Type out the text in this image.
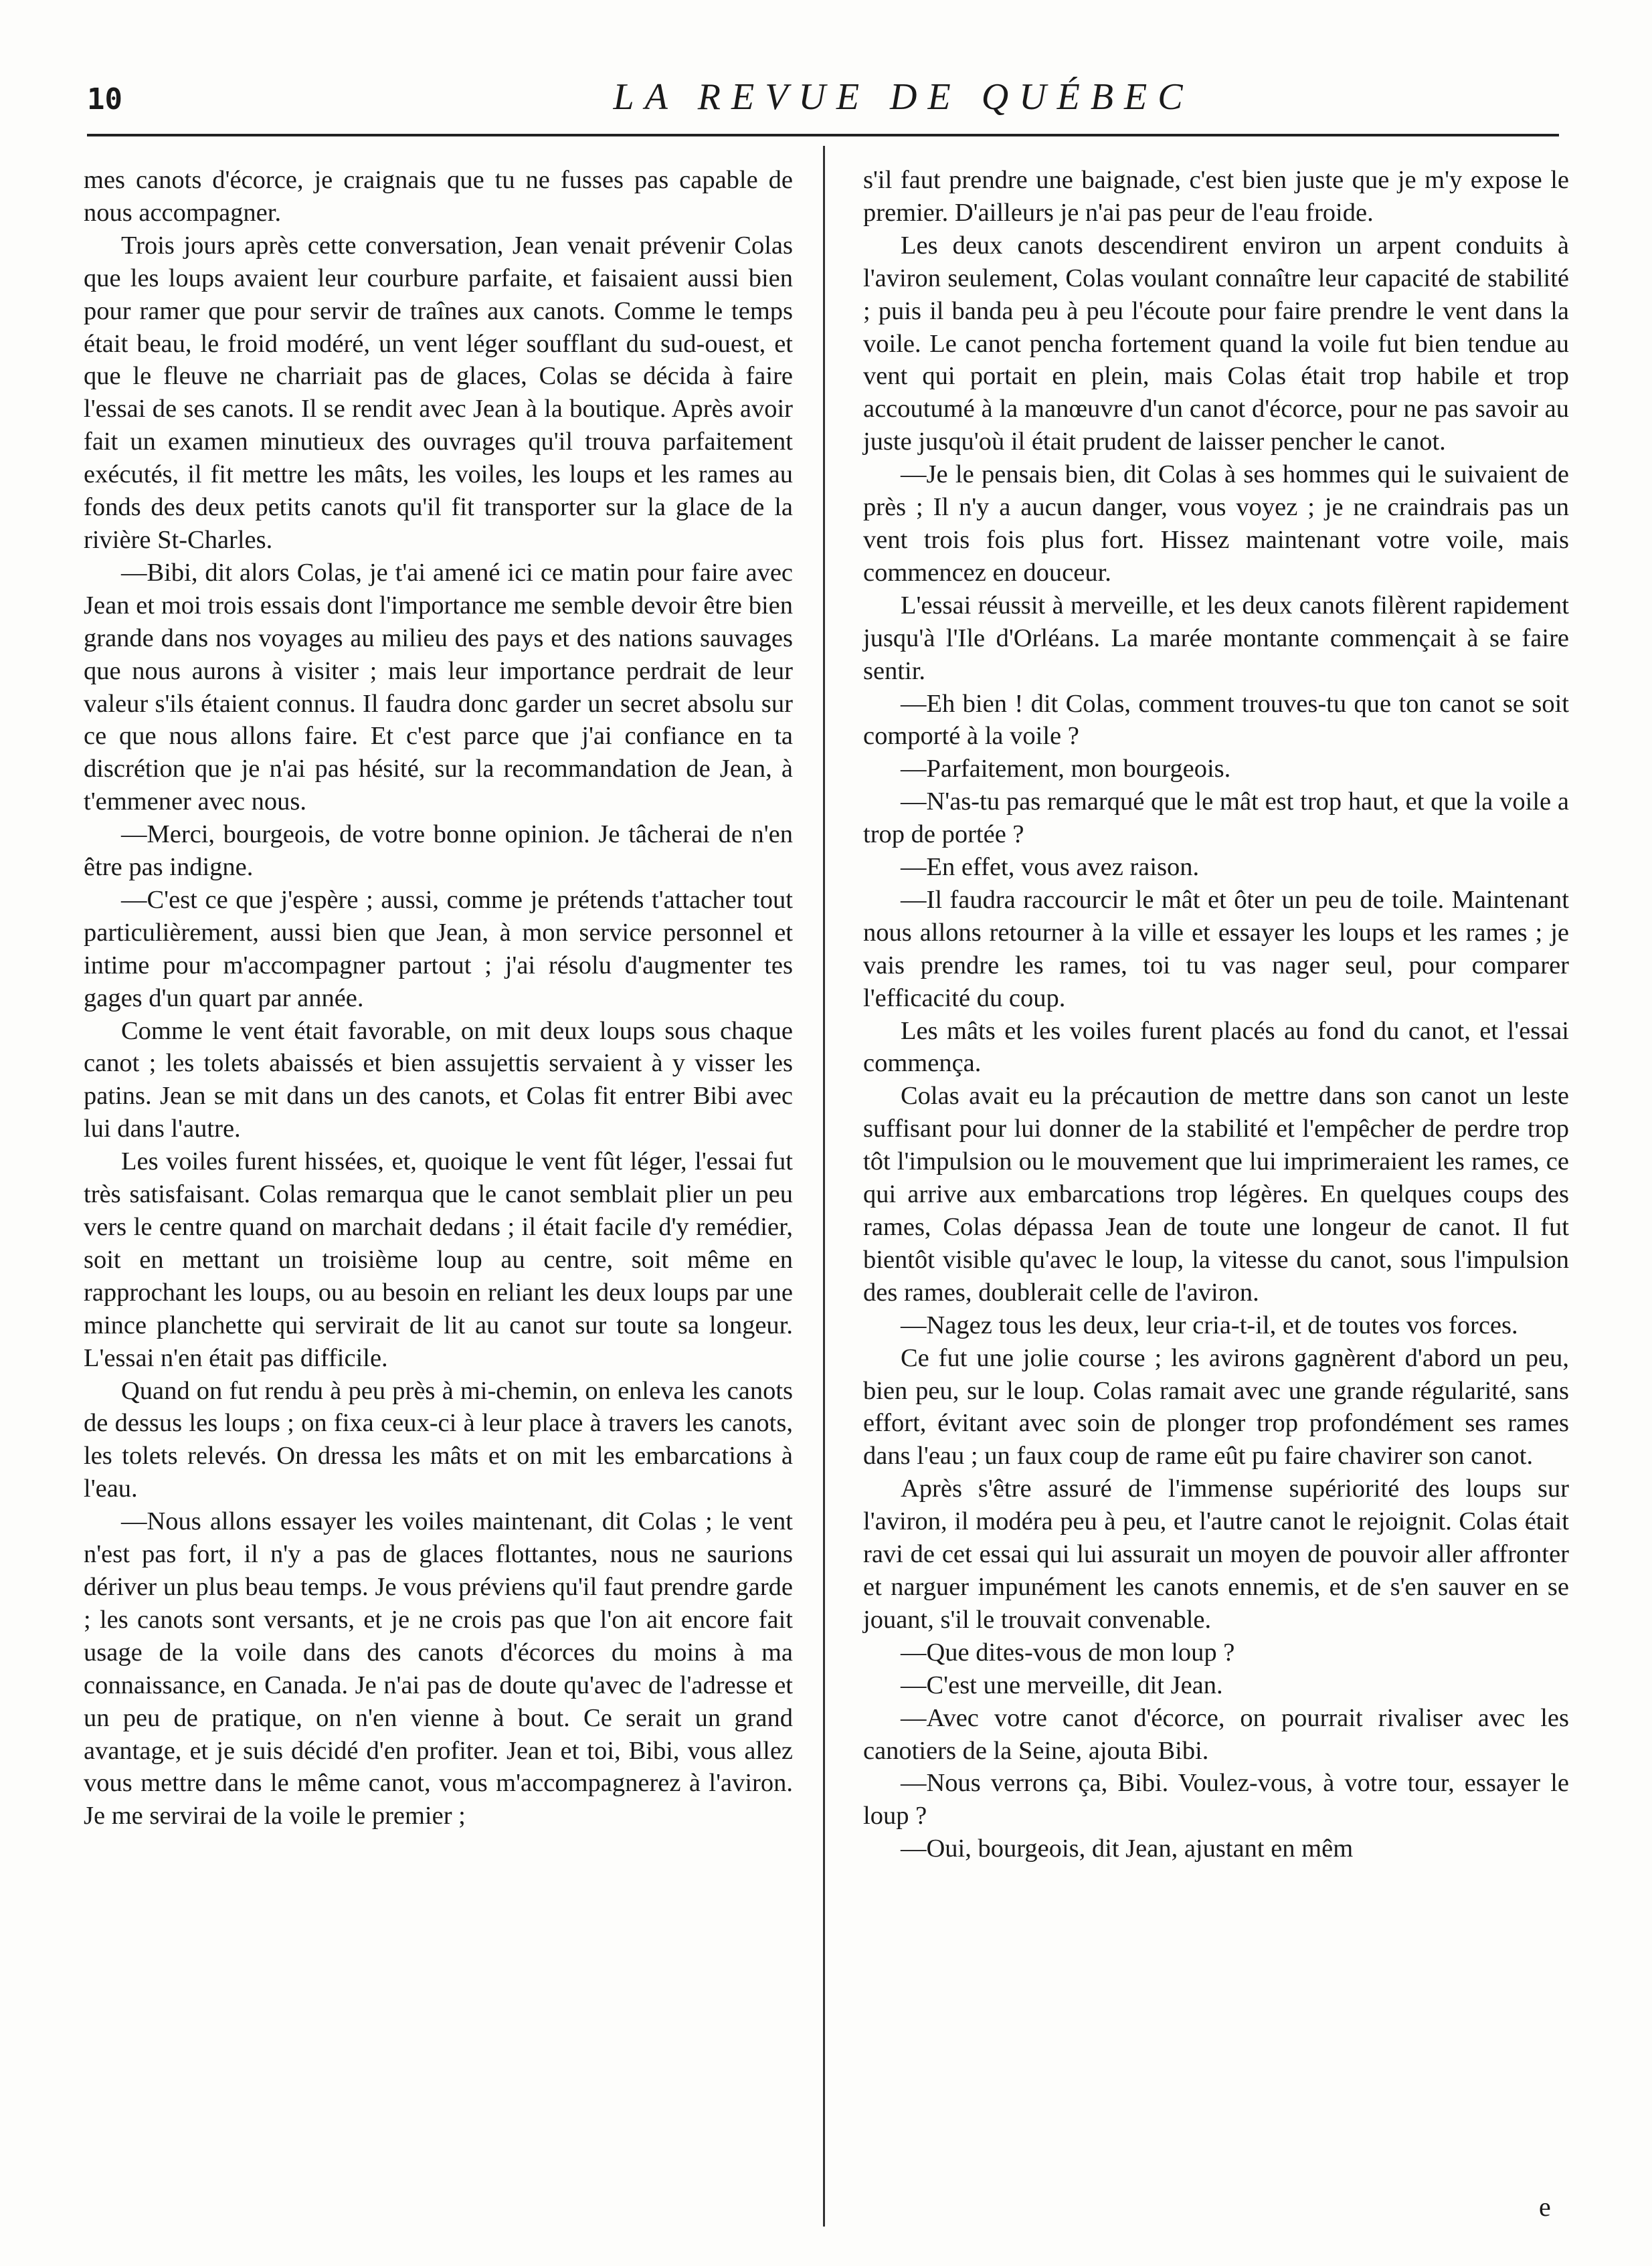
10	LA REVUE DE QUÉBEC

mes canots d'écorce, je craignais que tu ne fusses pas capable de nous accompagner.

Trois jours après cette conversation, Jean venait prévenir Colas que les loups avaient leur courbure parfaite, et faisaient aussi bien pour ramer que pour servir de traînes aux canots. Comme le temps était beau, le froid modéré, un vent léger soufflant du sud-ouest, et que le fleuve ne charriait pas de glaces, Colas se décida à faire l'essai de ses canots. Il se rendit avec Jean à la boutique. Après avoir fait un examen minutieux des ouvrages qu'il trouva parfaitement exécutés, il fit mettre les mâts, les voiles, les loups et les rames au fonds des deux petits canots qu'il fit transporter sur la glace de la rivière St-Charles.

—Bibi, dit alors Colas, je t'ai amené ici ce matin pour faire avec Jean et moi trois essais dont l'importance me semble devoir être bien grande dans nos voyages au milieu des pays et des nations sauvages que nous aurons à visiter ; mais leur importance perdrait de leur valeur s'ils étaient connus. Il faudra donc garder un secret absolu sur ce que nous allons faire. Et c'est parce que j'ai confiance en ta discrétion que je n'ai pas hésité, sur la recommandation de Jean, à t'emmener avec nous.

—Merci, bourgeois, de votre bonne opinion. Je tâcherai de n'en être pas indigne.

—C'est ce que j'espère ; aussi, comme je prétends t'attacher tout particulièrement, aussi bien que Jean, à mon service personnel et intime pour m'accompagner partout ; j'ai résolu d'augmenter tes gages d'un quart par année.

Comme le vent était favorable, on mit deux loups sous chaque canot ; les tolets abaissés et bien assujettis servaient à y visser les patins. Jean se mit dans un des canots, et Colas fit entrer Bibi avec lui dans l'autre.

Les voiles furent hissées, et, quoique le vent fût léger, l'essai fut très satisfaisant. Colas remarqua que le canot semblait plier un peu vers le centre quand on marchait dedans ; il était facile d'y remédier, soit en mettant un troisième loup au centre, soit même en rapprochant les loups, ou au besoin en reliant les deux loups par une mince planchette qui servirait de lit au canot sur toute sa longeur. L'essai n'en était pas difficile.

Quand on fut rendu à peu près à mi-chemin, on enleva les canots de dessus les loups ; on fixa ceux-ci à leur place à travers les canots, les tolets relevés. On dressa les mâts et on mit les embarcations à l'eau.

—Nous allons essayer les voiles maintenant, dit Colas ; le vent n'est pas fort, il n'y a pas de glaces flottantes, nous ne saurions dériver un plus beau temps. Je vous préviens qu'il faut prendre garde ; les canots sont versants, et je ne crois pas que l'on ait encore fait usage de la voile dans des canots d'écorces du moins à ma connaissance, en Canada. Je n'ai pas de doute qu'avec de l'adresse et un peu de pratique, on n'en vienne à bout. Ce serait un grand avantage, et je suis décidé d'en profiter. Jean et toi, Bibi, vous allez vous mettre dans le même canot, vous m'accompagnerez à l'aviron. Je me servirai de la voile le premier ;

s'il faut prendre une baignade, c'est bien juste que je m'y expose le premier. D'ailleurs je n'ai pas peur de l'eau froide.

Les deux canots descendirent environ un arpent conduits à l'aviron seulement, Colas voulant connaître leur capacité de stabilité ; puis il banda peu à peu l'écoute pour faire prendre le vent dans la voile. Le canot pencha fortement quand la voile fut bien tendue au vent qui portait en plein, mais Colas était trop habile et trop accoutumé à la manœuvre d'un canot d'écorce, pour ne pas savoir au juste jusqu'où il était prudent de laisser pencher le canot.

—Je le pensais bien, dit Colas à ses hommes qui le suivaient de près ; Il n'y a aucun danger, vous voyez ; je ne craindrais pas un vent trois fois plus fort. Hissez maintenant votre voile, mais commencez en douceur.

L'essai réussit à merveille, et les deux canots filèrent rapidement jusqu'à l'Ile d'Orléans. La marée montante commençait à se faire sentir.

—Eh bien ! dit Colas, comment trouves-tu que ton canot se soit comporté à la voile ?

—Parfaitement, mon bourgeois.

—N'as-tu pas remarqué que le mât est trop haut, et que la voile a trop de portée ?

—En effet, vous avez raison.

—Il faudra raccourcir le mât et ôter un peu de toile. Maintenant nous allons retourner à la ville et essayer les loups et les rames ; je vais prendre les rames, toi tu vas nager seul, pour comparer l'efficacité du coup.

Les mâts et les voiles furent placés au fond du canot, et l'essai commença.

Colas avait eu la précaution de mettre dans son canot un leste suffisant pour lui donner de la stabilité et l'empêcher de perdre trop tôt l'impulsion ou le mouvement que lui imprimeraient les rames, ce qui arrive aux embarcations trop légères. En quelques coups des rames, Colas dépassa Jean de toute une longeur de canot. Il fut bientôt visible qu'avec le loup, la vitesse du canot, sous l'impulsion des rames, doublerait celle de l'aviron.

—Nagez tous les deux, leur cria-t-il, et de toutes vos forces.

Ce fut une jolie course ; les avirons gagnèrent d'abord un peu, bien peu, sur le loup. Colas ramait avec une grande régularité, sans effort, évitant avec soin de plonger trop profondément ses rames dans l'eau ; un faux coup de rame eût pu faire chavirer son canot.

Après s'être assuré de l'immense supériorité des loups sur l'aviron, il modéra peu à peu, et l'autre canot le rejoignit. Colas était ravi de cet essai qui lui assurait un moyen de pouvoir aller affronter et narguer impunément les canots ennemis, et de s'en sauver en se jouant, s'il le trouvait convenable.

—Que dites-vous de mon loup ?

—C'est une merveille, dit Jean.

—Avec votre canot d'écorce, on pourrait rivaliser avec les canotiers de la Seine, ajouta Bibi.

—Nous verrons ça, Bibi. Voulez-vous, à votre tour, essayer le loup ?

—Oui, bourgeois, dit Jean, ajustant en mêm

e
